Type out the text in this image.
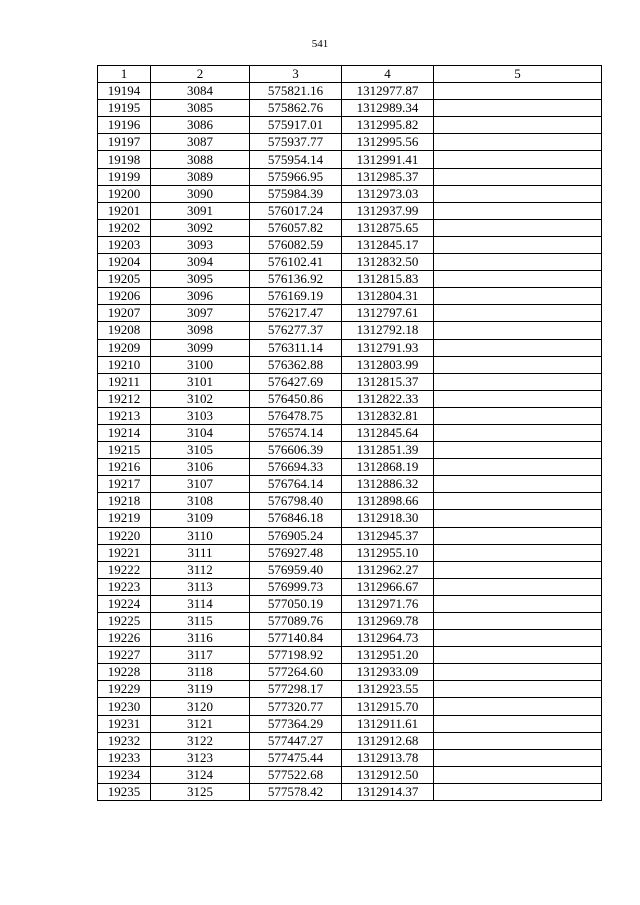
541
1	2	3	4	5
19194	3084	575821.16	1312977.87	
19195	3085	575862.76	1312989.34	
19196	3086	575917.01	1312995.82	
19197	3087	575937.77	1312995.56	
19198	3088	575954.14	1312991.41	
19199	3089	575966.95	1312985.37	
19200	3090	575984.39	1312973.03	
19201	3091	576017.24	1312937.99	
19202	3092	576057.82	1312875.65	
19203	3093	576082.59	1312845.17	
19204	3094	576102.41	1312832.50	
19205	3095	576136.92	1312815.83	
19206	3096	576169.19	1312804.31	
19207	3097	576217.47	1312797.61	
19208	3098	576277.37	1312792.18	
19209	3099	576311.14	1312791.93	
19210	3100	576362.88	1312803.99	
19211	3101	576427.69	1312815.37	
19212	3102	576450.86	1312822.33	
19213	3103	576478.75	1312832.81	
19214	3104	576574.14	1312845.64	
19215	3105	576606.39	1312851.39	
19216	3106	576694.33	1312868.19	
19217	3107	576764.14	1312886.32	
19218	3108	576798.40	1312898.66	
19219	3109	576846.18	1312918.30	
19220	3110	576905.24	1312945.37	
19221	3111	576927.48	1312955.10	
19222	3112	576959.40	1312962.27	
19223	3113	576999.73	1312966.67	
19224	3114	577050.19	1312971.76	
19225	3115	577089.76	1312969.78	
19226	3116	577140.84	1312964.73	
19227	3117	577198.92	1312951.20	
19228	3118	577264.60	1312933.09	
19229	3119	577298.17	1312923.55	
19230	3120	577320.77	1312915.70	
19231	3121	577364.29	1312911.61	
19232	3122	577447.27	1312912.68	
19233	3123	577475.44	1312913.78	
19234	3124	577522.68	1312912.50	
19235	3125	577578.42	1312914.37	
